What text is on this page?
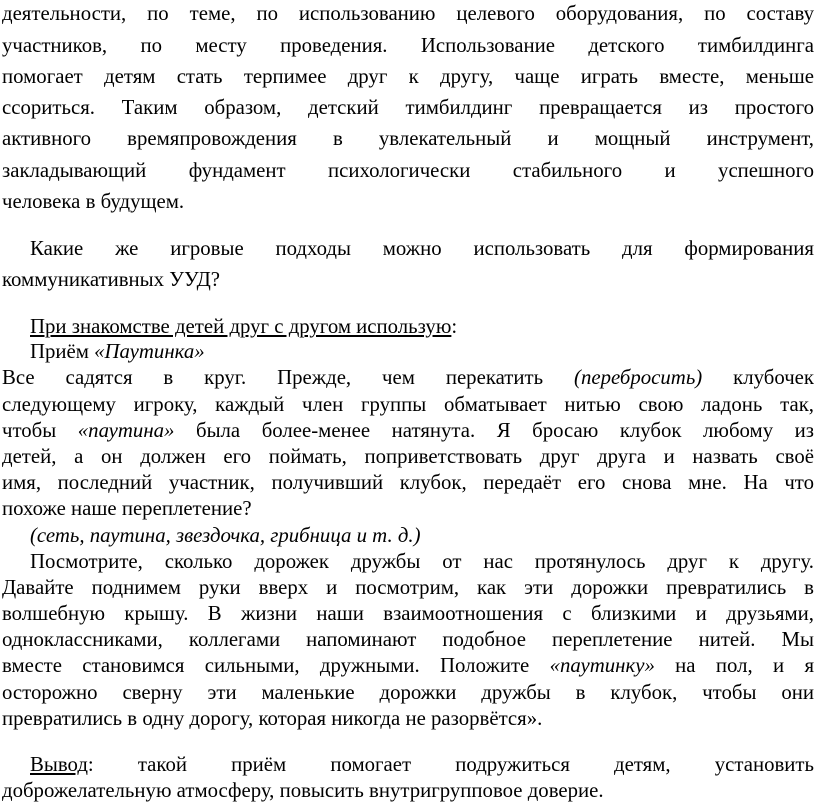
деятельности, по теме, по использованию целевого оборудования, по составу
участников, по месту проведения. Использование детского тимбилдинга
помогает детям стать терпимее друг к другу, чаще играть вместе, меньше
ссориться. Таким образом, детский тимбилдинг превращается из простого
активного времяпровождения в увлекательный и мощный инструмент,
закладывающий фундамент психологически стабильного и успешного
человека в будущем.
Какие же игровые подходы можно использовать для формирования
коммуникативных УУД?
При знакомстве детей друг с другом использую:
Приём «Паутинка»
Все садятся в круг. Прежде, чем перекатить (перебросить) клубочек
следующему игроку, каждый член группы обматывает нитью свою ладонь так,
чтобы «паутина» была более-менее натянута. Я бросаю клубок любому из
детей, а он должен его поймать, поприветствовать друг друга и назвать своё
имя, последний участник, получивший клубок, передаёт его снова мне. На что
похоже наше переплетение?
(сеть, паутина, звездочка, грибница и т. д.)
Посмотрите, сколько дорожек дружбы от нас протянулось друг к другу.
Давайте поднимем руки вверх и посмотрим, как эти дорожки превратились в
волшебную крышу. В жизни наши взаимоотношения с близкими и друзьями,
одноклассниками, коллегами напоминают подобное переплетение нитей. Мы
вместе становимся сильными, дружными. Положите «паутинку» на пол, и я
осторожно сверну эти маленькие дорожки дружбы в клубок, чтобы они
превратились в одну дорогу, которая никогда не разорвётся».
Вывод: такой приём помогает подружиться детям, установить
доброжелательную атмосферу, повысить внутригрупповое доверие.
